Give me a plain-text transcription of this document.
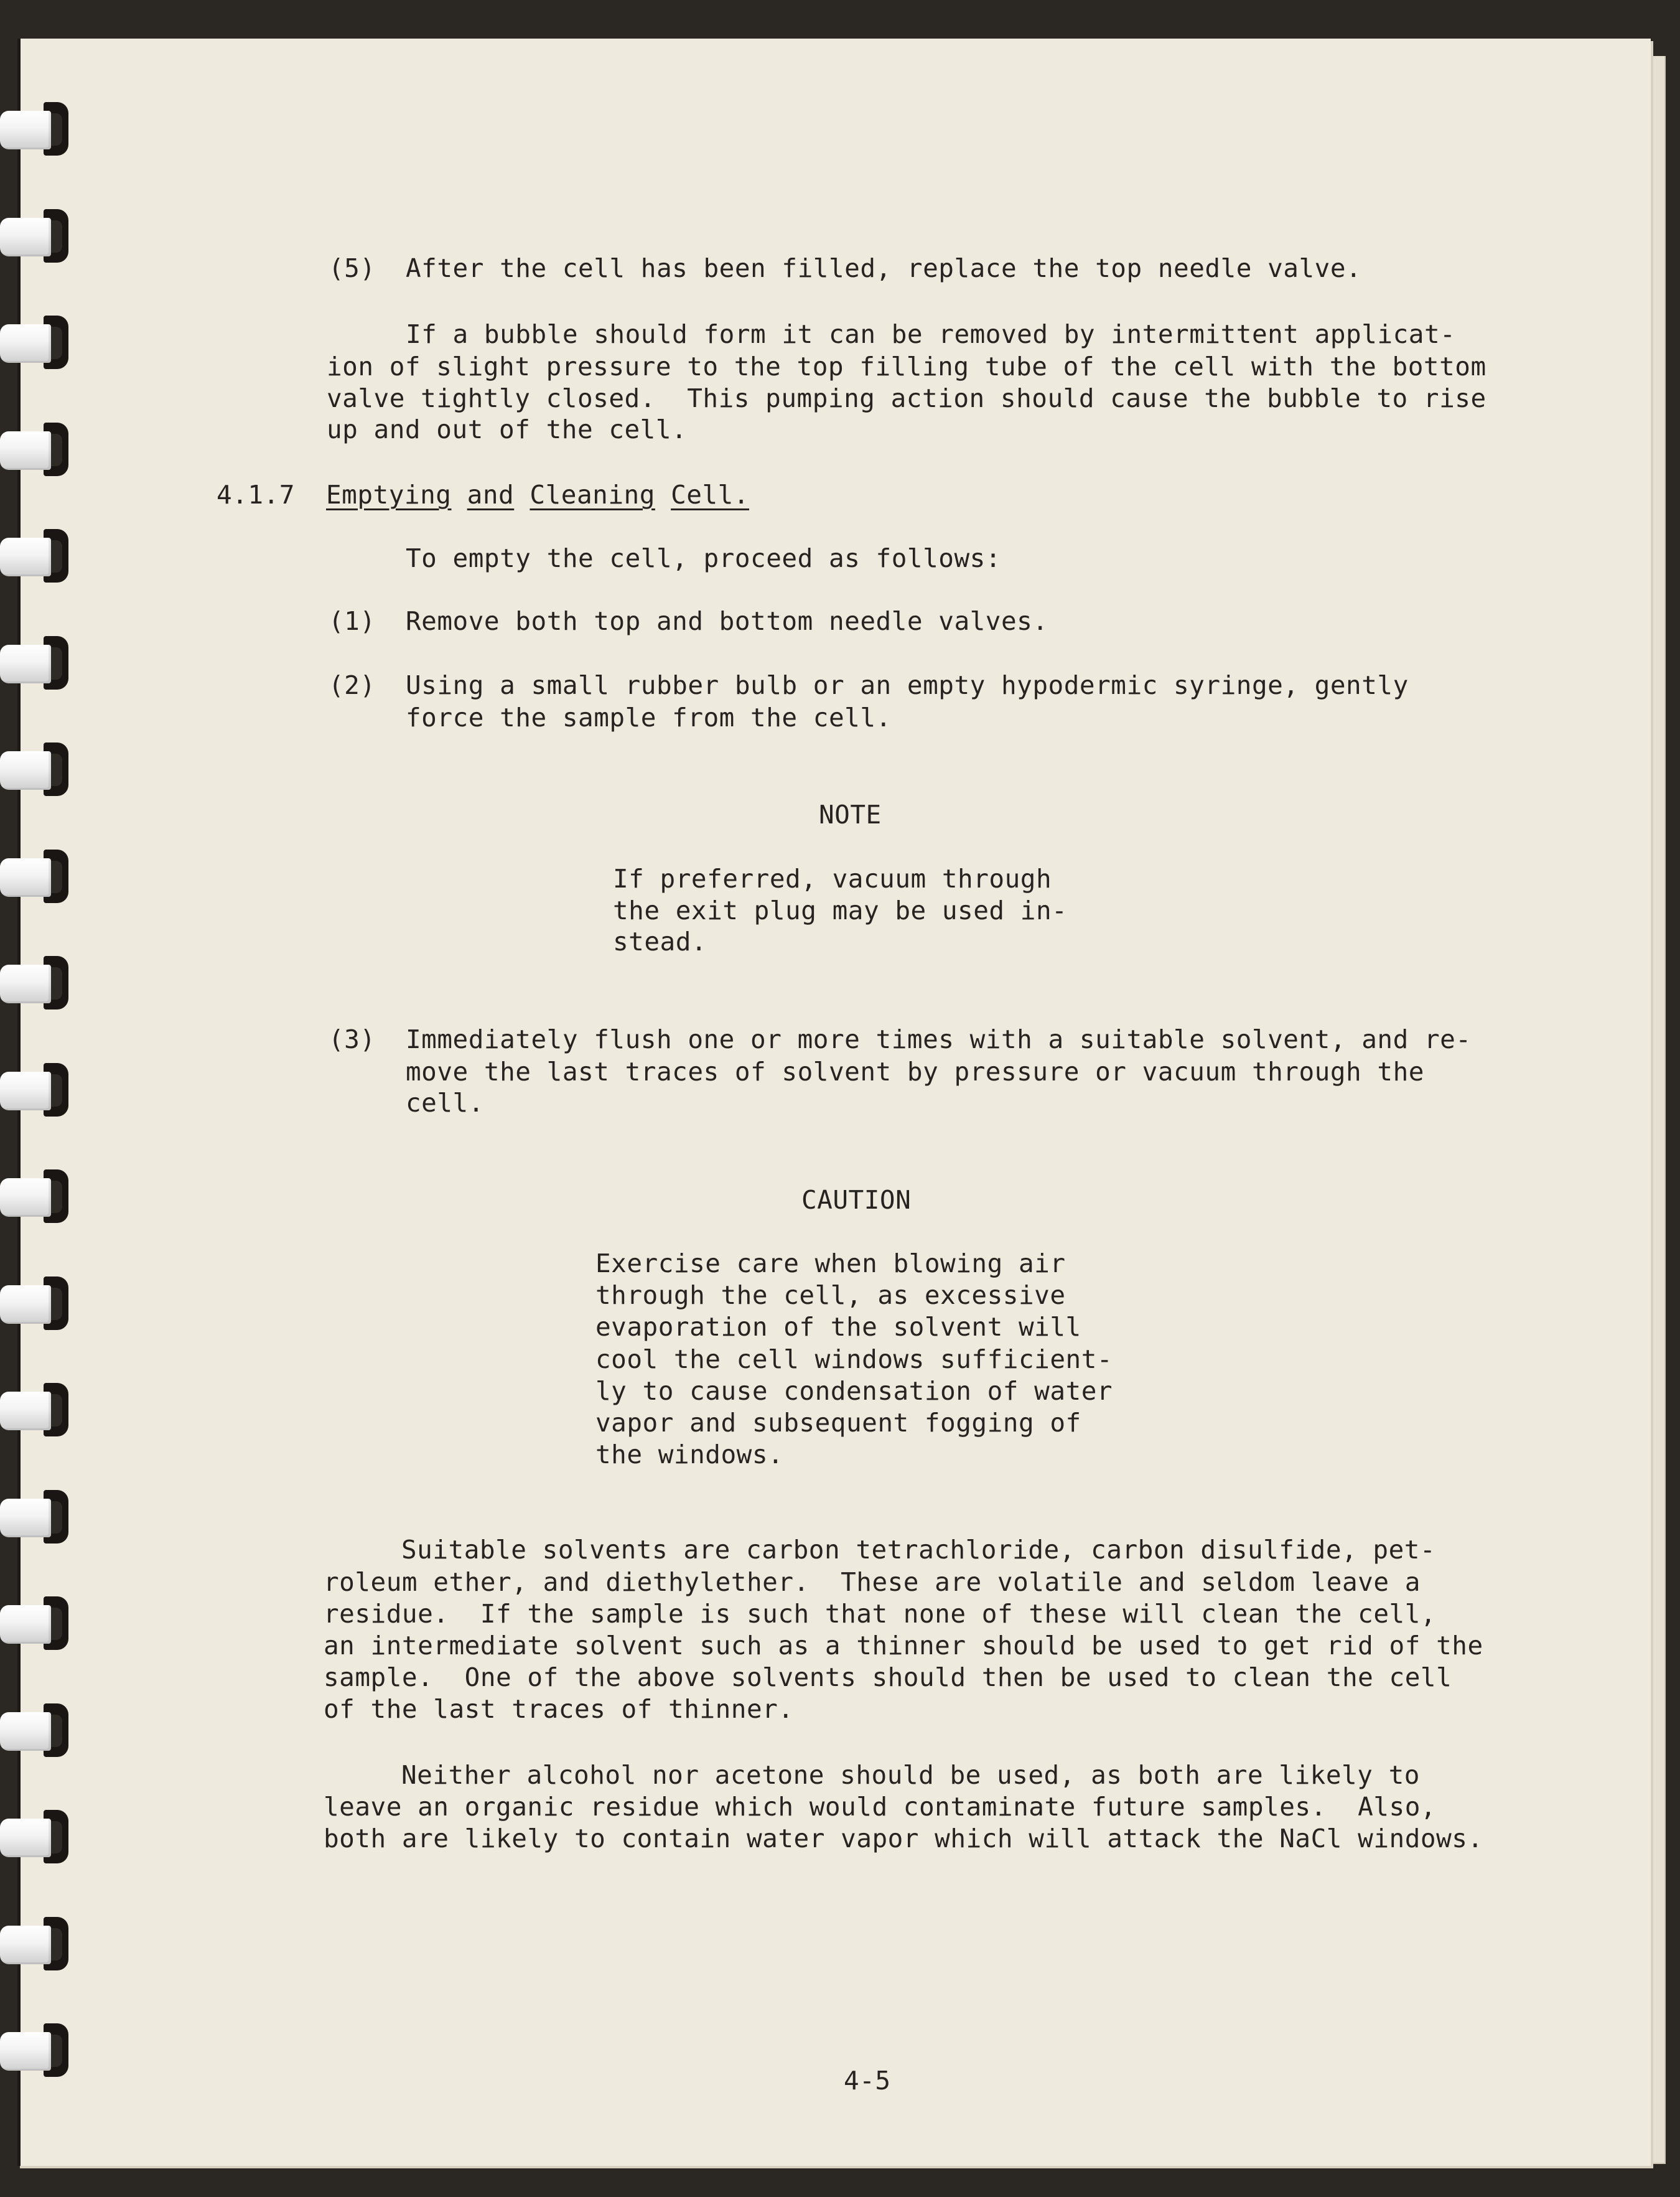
(5) After the cell has been filled, replace the top needle valve.
If a bubble should form it can be removed by intermittent applicat-
ion of slight pressure to the top filling tube of the cell with the bottom
valve tightly closed.  This pumping action should cause the bubble to rise
up and out of the cell.
4.1.7 Emptying and Cleaning Cell.
To empty the cell, proceed as follows:
(1) Remove both top and bottom needle valves.
(2) Using a small rubber bulb or an empty hypodermic syringe, gently
force the sample from the cell.
NOTE
If preferred, vacuum through
the exit plug may be used in-
stead.
(3) Immediately flush one or more times with a suitable solvent, and re-
move the last traces of solvent by pressure or vacuum through the
cell.
CAUTION
Exercise care when blowing air
through the cell, as excessive
evaporation of the solvent will
cool the cell windows sufficient-
ly to cause condensation of water
vapor and subsequent fogging of
the windows.
Suitable solvents are carbon tetrachloride, carbon disulfide, pet-
roleum ether, and diethylether.  These are volatile and seldom leave a
residue.  If the sample is such that none of these will clean the cell,
an intermediate solvent such as a thinner should be used to get rid of the
sample.  One of the above solvents should then be used to clean the cell
of the last traces of thinner.
Neither alcohol nor acetone should be used, as both are likely to
leave an organic residue which would contaminate future samples.  Also,
both are likely to contain water vapor which will attack the NaCl windows.
4-5
